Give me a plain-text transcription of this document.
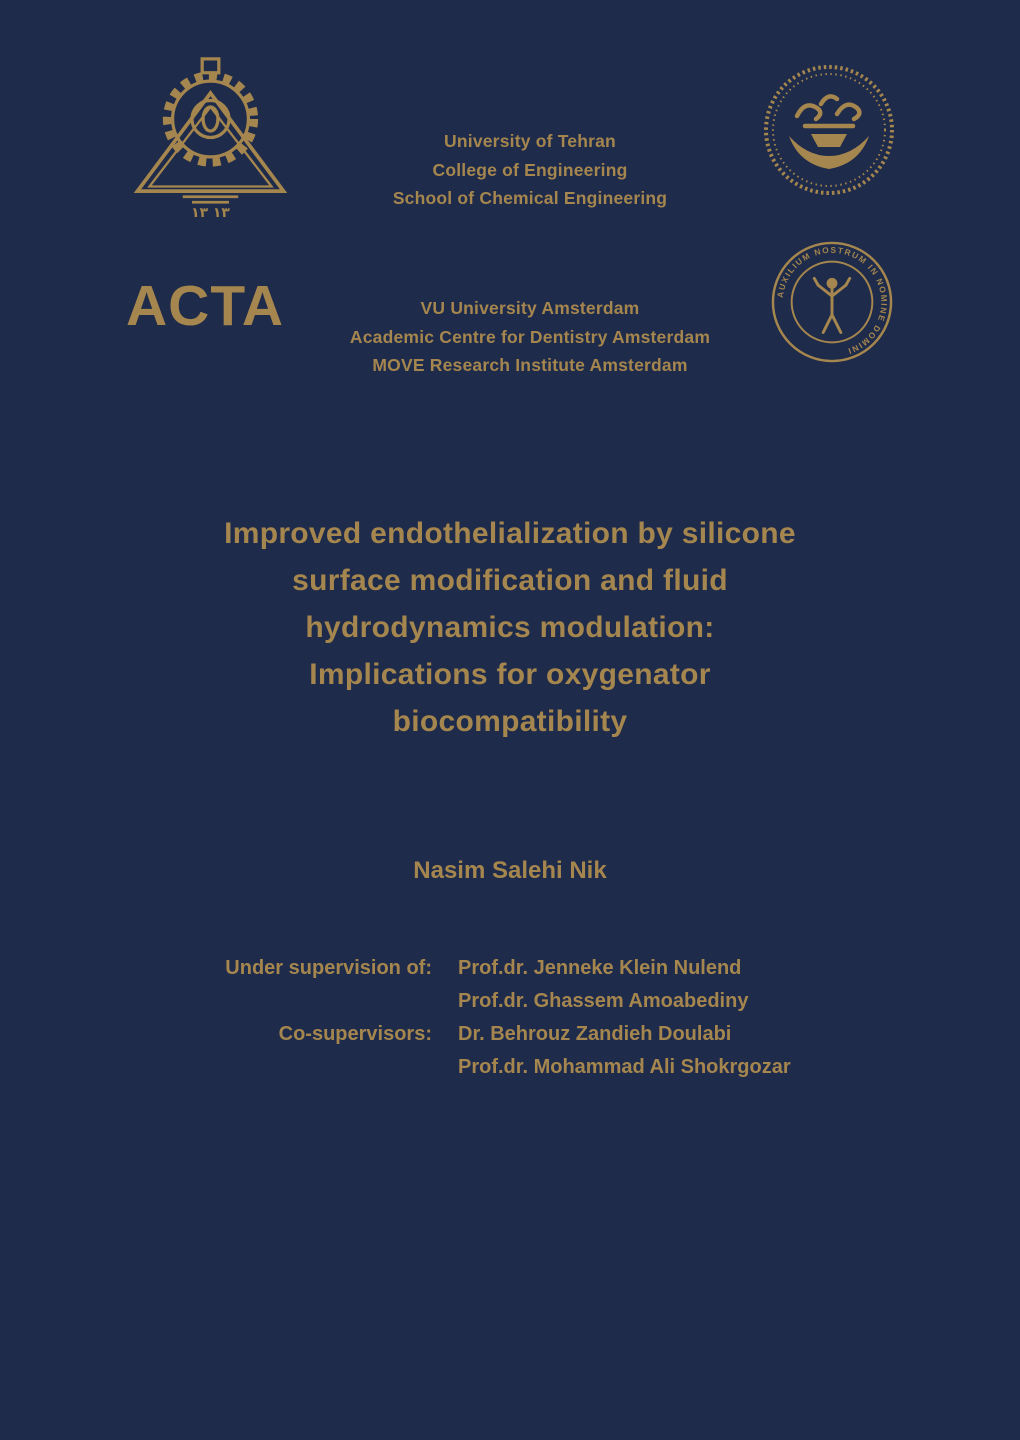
۱۳ ۱۳
University of Tehran
College of Engineering
School of Chemical Engineering
ACTA	VU University Amsterdam
Academic Centre for Dentistry Amsterdam
MOVE Research Institute Amsterdam
AUXILIUM NOSTRUM IN NOMINE DOMINI
Improved endothelialization by silicone
surface modification and fluid
hydrodynamics modulation:
Implications for oxygenator
biocompatibility
Nasim Salehi Nik
Under supervision of:	Prof.dr. Jenneke Klein Nulend
Prof.dr. Ghassem Amoabediny
Co-supervisors:	Dr. Behrouz Zandieh Doulabi
Prof.dr. Mohammad Ali Shokrgozar
